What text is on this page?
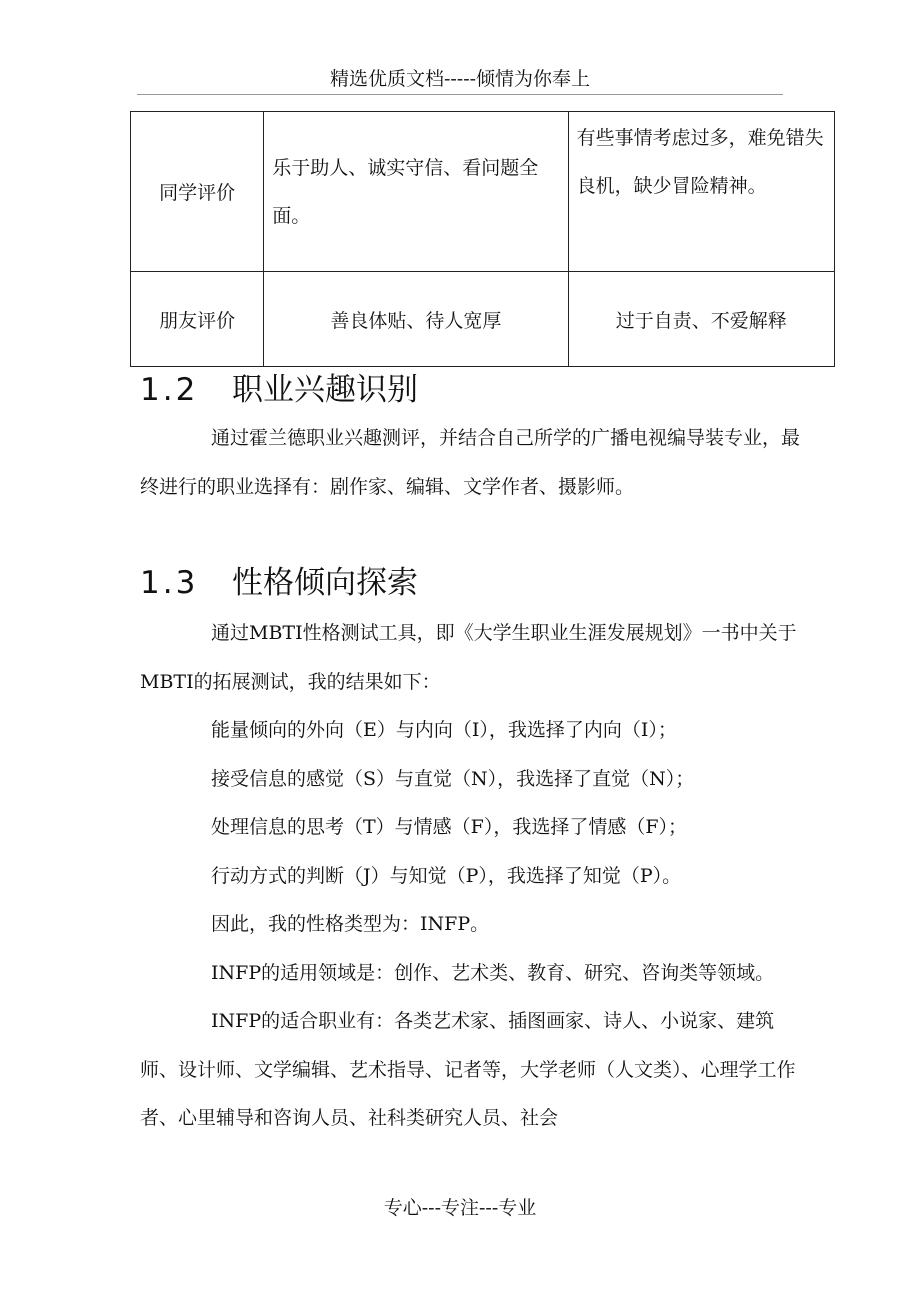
精选优质文档-----倾情为你奉上
同学评价	乐于助人、诚实守信、看问题全面。	有些事情考虑过多，难免错失良机，缺少冒险精神。
朋友评价	善良体贴、待人宽厚	过于自责、不爱解释
1.2 职业兴趣识别

通过霍兰德职业兴趣测评，并结合自己所学的广播电视编导装专业，最终进行的职业选择有：剧作家、编辑、文学作者、摄影师。

1.3 性格倾向探索

通过MBTI性格测试工具，即《大学生职业生涯发展规划》一书中关于MBTI的拓展测试，我的结果如下：

能量倾向的外向（E）与内向（I），我选择了内向（I）；

接受信息的感觉（S）与直觉（N），我选择了直觉（N）；

处理信息的思考（T）与情感（F），我选择了情感（F）；

行动方式的判断（J）与知觉（P），我选择了知觉（P）。

因此，我的性格类型为：INFP。

INFP的适用领域是：创作、艺术类、教育、研究、咨询类等领域。

INFP的适合职业有：各类艺术家、插图画家、诗人、小说家、建筑师、设计师、文学编辑、艺术指导、记者等，大学老师（人文类）、心理学工作者、心里辅导和咨询人员、社科类研究人员、社会

专心---专注---专业
